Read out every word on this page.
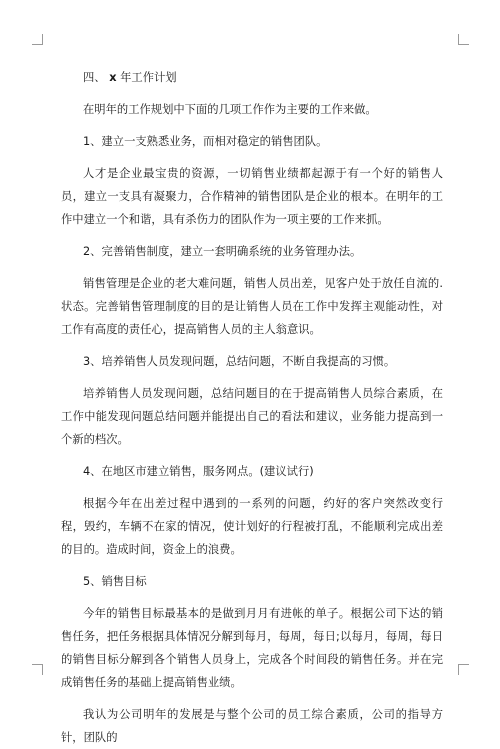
四、 x 年工作计划

在明年的工作规划中下面的几项工作作为主要的工作来做。

1、建立一支熟悉业务，而相对稳定的销售团队。

人才是企业最宝贵的资源，一切销售业绩都起源于有一个好的销售人员，建立一支具有凝聚力，合作精神的销售团队是企业的根本。在明年的工作中建立一个和谐，具有杀伤力的团队作为一项主要的工作来抓。

2、完善销售制度，建立一套明确系统的业务管理办法。

销售管理是企业的老大难问题，销售人员出差，见客户处于放任自流的.状态。完善销售管理制度的目的是让销售人员在工作中发挥主观能动性，对工作有高度的责任心，提高销售人员的主人翁意识。

3、培养销售人员发现问题，总结问题，不断自我提高的习惯。

培养销售人员发现问题，总结问题目的在于提高销售人员综合素质，在工作中能发现问题总结问题并能提出自己的看法和建议，业务能力提高到一个新的档次。

4、在地区市建立销售，服务网点。(建议试行)

根据今年在出差过程中遇到的一系列的问题，约好的客户突然改变行程，毁约，车辆不在家的情况，使计划好的行程被打乱，不能顺利完成出差的目的。造成时间，资金上的浪费。

5、销售目标

今年的销售目标最基本的是做到月月有进帐的单子。根据公司下达的销售任务，把任务根据具体情况分解到每月，每周，每日;以每月，每周，每日的销售目标分解到各个销售人员身上，完成各个时间段的销售任务。并在完成销售任务的基础上提高销售业绩。

我认为公司明年的发展是与整个公司的员工综合素质，公司的指导方针，团队的
